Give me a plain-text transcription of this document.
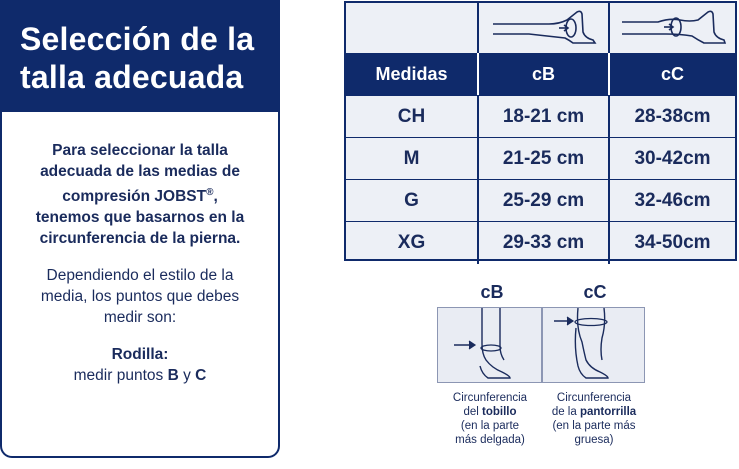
Selección de la
talla adecuada
Para seleccionar la talla
adecuada de las medias de
compresión JOBST®,
tenemos que basarnos en la
circunferencia de la pierna.
Dependiendo el estilo de la
media, los puntos que debes
medir son:
Rodilla:
medir puntos B y C
Medidas	cB	cC
CH	18-21 cm	28-38cm
M	21-25 cm	30-42cm
G	25-29 cm	32-46cm
XG	29-33 cm	34-50cm
cB	cC
Circunferencia
del tobillo
(en la parte
más delgada)
Circunferencia
de la pantorrilla
(en la parte más
gruesa)
